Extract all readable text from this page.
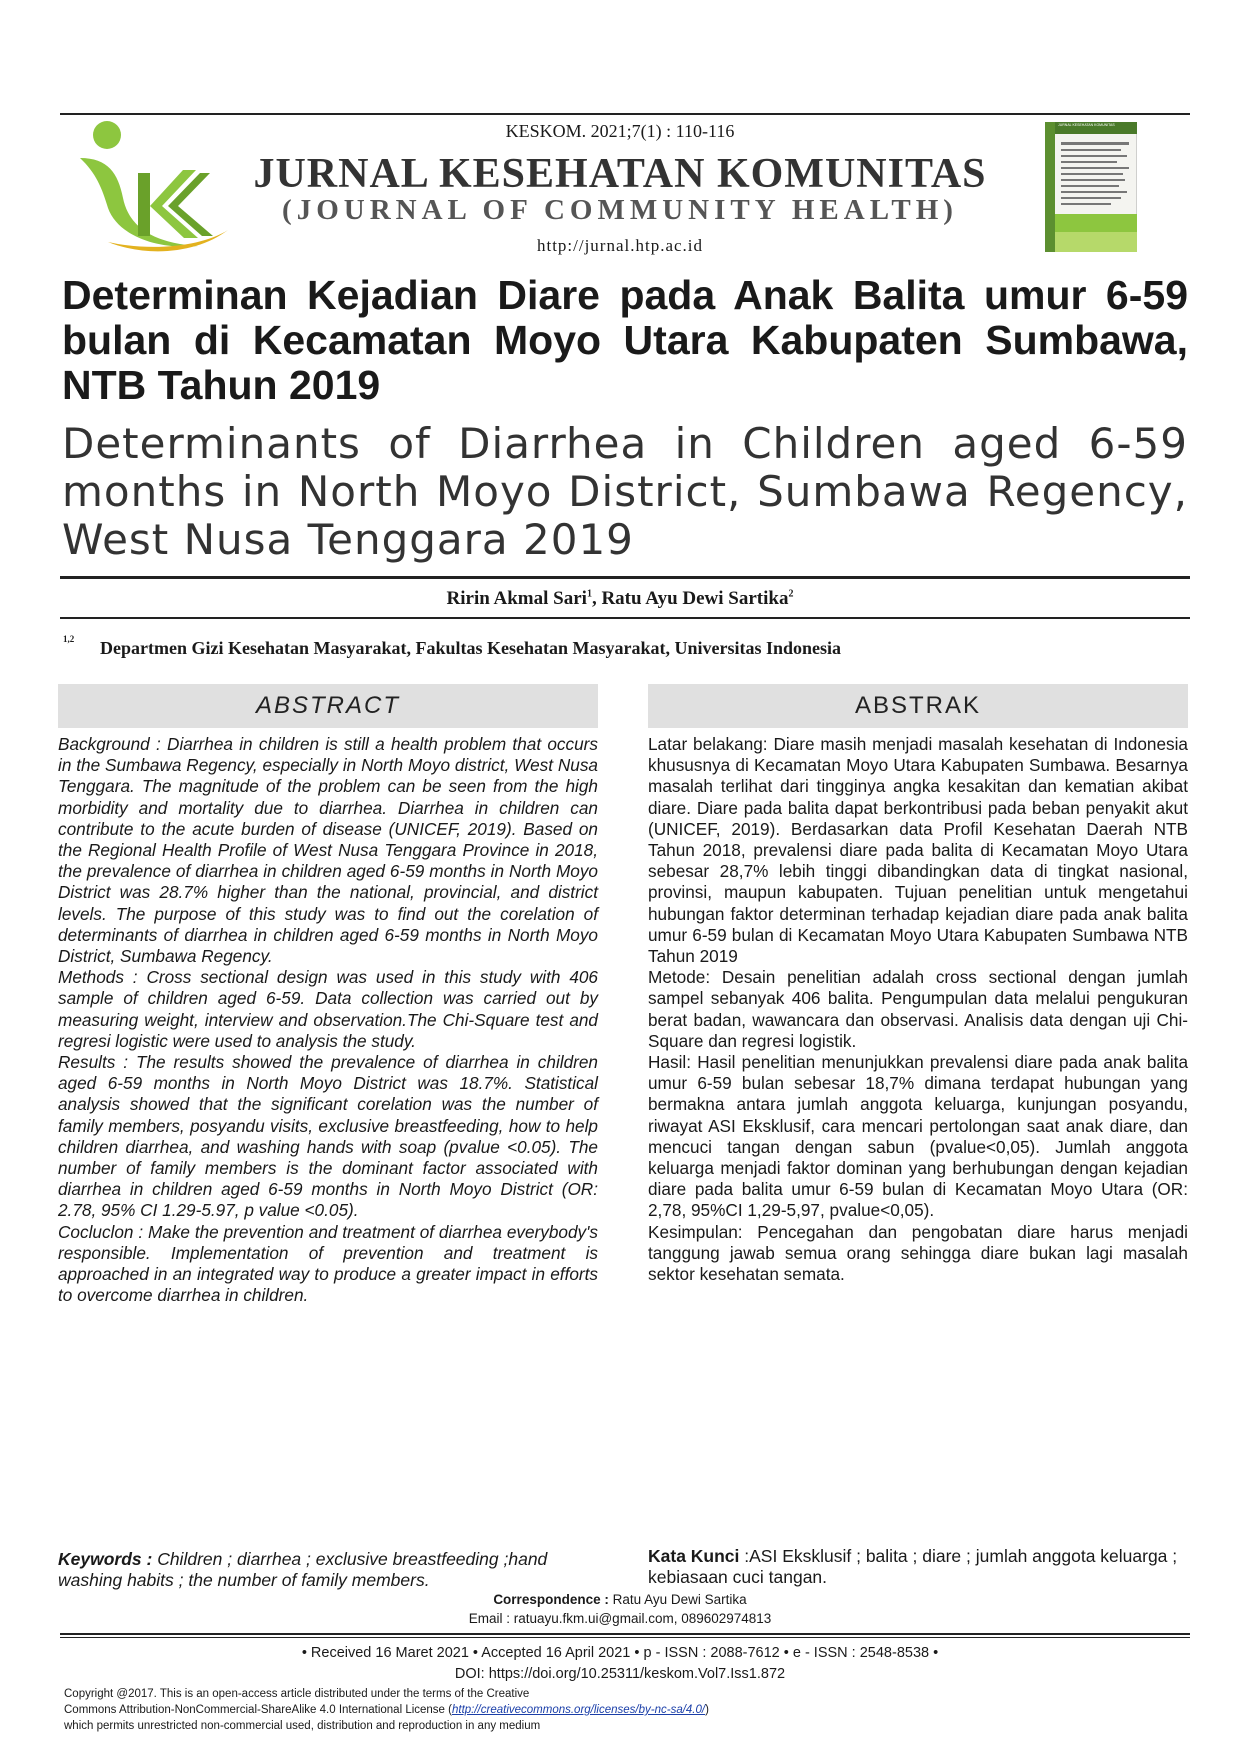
KESKOM. 2021;7(1) : 110-116
JURNAL KESEHATAN KOMUNITAS
(JOURNAL OF COMMUNITY HEALTH)
http://jurnal.htp.ac.id
JURNAL KESEHATAN KOMUNITAS
Determinan Kejadian Diare pada Anak Balita umur 6-59 bulan di Kecamatan Moyo Utara Kabupaten Sumbawa, NTB Tahun 2019
Determinants of Diarrhea in Children aged 6-59 months in North Moyo District, Sumbawa Regency, West Nusa Tenggara 2019
Ririn Akmal Sari$^1$, Ratu Ayu Dewi Sartika$^2$
1,2 Departmen Gizi Kesehatan Masyarakat, Fakultas Kesehatan Masyarakat, Universitas Indonesia
ABSTRACT

Background : Diarrhea in children is still a health problem that occurs in the Sumbawa Regency, especially in North Moyo district, West Nusa Tenggara. The magnitude of the problem can be seen from the high morbidity and mortality due to diarrhea. Diarrhea in children can contribute to the acute burden of disease (UNICEF, 2019). Based on the Regional Health Profile of West Nusa Tenggara Province in 2018, the prevalence of diarrhea in children aged 6-59 months in North Moyo District was 28.7% higher than the national, provincial, and district levels. The purpose of this study was to find out the corelation of determinants of diarrhea in children aged 6-59 months in North Moyo District, Sumbawa Regency.

Methods : Cross sectional design was used in this study with 406 sample of children aged 6-59. Data collection was carried out by measuring weight, interview and observation.The Chi-Square test and regresi logistic were used to analysis the study.

Results : The results showed the prevalence of diarrhea in children aged 6-59 months in North Moyo District was 18.7%. Statistical analysis showed that the significant corelation was the number of family members, posyandu visits, exclusive breastfeeding, how to help children diarrhea, and washing hands with soap (pvalue <0.05). The number of family members is the dominant factor associated with diarrhea in children aged 6-59 months in North Moyo District (OR: 2.78, 95% CI 1.29-5.97, p value <0.05).

Cocluclon : Make the prevention and treatment of diarrhea everybody's responsible. Implementation of prevention and treatment is approached in an integrated way to produce a greater impact in efforts to overcome diarrhea in children.

ABSTRAK

Latar belakang: Diare masih menjadi masalah kesehatan di Indonesia khususnya di Kecamatan Moyo Utara Kabupaten Sumbawa. Besarnya masalah terlihat dari tingginya angka kesakitan dan kematian akibat diare. Diare pada balita dapat berkontribusi pada beban penyakit akut (UNICEF, 2019). Berdasarkan data Profil Kesehatan Daerah NTB Tahun 2018, prevalensi diare pada balita di Kecamatan Moyo Utara sebesar 28,7% lebih tinggi dibandingkan data di tingkat nasional, provinsi, maupun kabupaten. Tujuan penelitian untuk mengetahui hubungan faktor determinan terhadap kejadian diare pada anak balita umur 6-59 bulan di Kecamatan Moyo Utara Kabupaten Sumbawa NTB Tahun 2019

Metode: Desain penelitian adalah cross sectional dengan jumlah sampel sebanyak 406 balita. Pengumpulan data melalui pengukuran berat badan, wawancara dan observasi. Analisis data dengan uji Chi-Square dan regresi logistik.

Hasil: Hasil penelitian menunjukkan prevalensi diare pada anak balita umur 6-59 bulan sebesar 18,7% dimana terdapat hubungan yang bermakna antara jumlah anggota keluarga, kunjungan posyandu, riwayat ASI Eksklusif, cara mencari pertolongan saat anak diare, dan mencuci tangan dengan sabun (pvalue<0,05). Jumlah anggota keluarga menjadi faktor dominan yang berhubungan dengan kejadian diare pada balita umur 6-59 bulan di Kecamatan Moyo Utara (OR: 2,78, 95%CI 1,29-5,97, pvalue<0,05).

Kesimpulan: Pencegahan dan pengobatan diare harus menjadi tanggung jawab semua orang sehingga diare bukan lagi masalah sektor kesehatan semata.

Keywords : Children ; diarrhea ; exclusive breastfeeding ;hand washing habits ; the number of family members.
Kata Kunci :ASI Eksklusif ; balita ; diare ; jumlah anggota keluarga ; kebiasaan cuci tangan.
Correspondence : Ratu Ayu Dewi Sartika
Email : ratuayu.fkm.ui@gmail.com, 089602974813
• Received 16 Maret 2021 • Accepted 16 April 2021 • p - ISSN : 2088-7612 • e - ISSN : 2548-8538 •
DOI: https://doi.org/10.25311/keskom.Vol7.Iss1.872
Copyright @2017. This is an open-access article distributed under the terms of the Creative
Commons Attribution-NonCommercial-ShareAlike 4.0 International License (http://creativecommons.org/licenses/by-nc-sa/4.0/)
which permits unrestricted non-commercial used, distribution and reproduction in any medium
